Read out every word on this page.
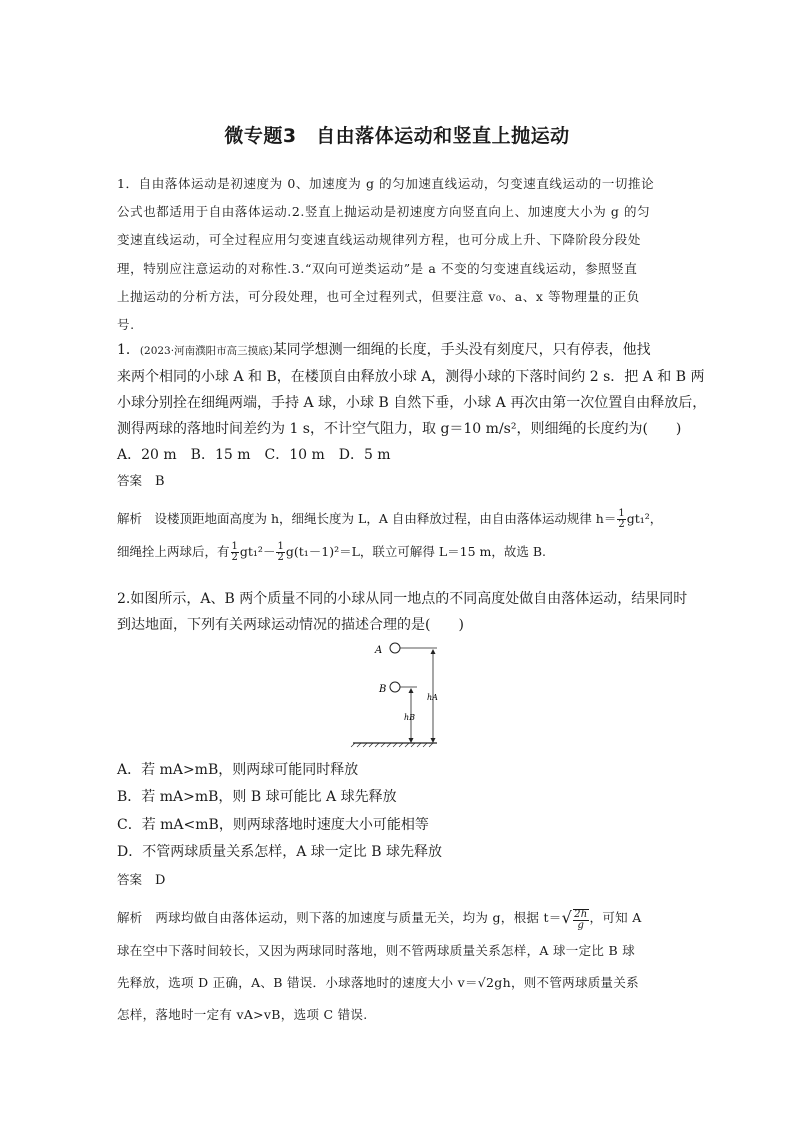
微专题3　自由落体运动和竖直上抛运动
1．自由落体运动是初速度为 0、加速度为 g 的匀加速直线运动，匀变速直线运动的一切推论
公式也都适用于自由落体运动.2.竖直上抛运动是初速度方向竖直向上、加速度大小为 g 的匀
变速直线运动，可全过程应用匀变速直线运动规律列方程，也可分成上升、下降阶段分段处
理，特别应注意运动的对称性.3.“双向可逆类运动”是 a 不变的匀变速直线运动，参照竖直
上抛运动的分析方法，可分段处理，也可全过程列式，但要注意 v₀、a、x 等物理量的正负
号.
1．(2023·河南濮阳市高三摸底)某同学想测一细绳的长度，手头没有刻度尺，只有停表，他找
来两个相同的小球 A 和 B，在楼顶自由释放小球 A，测得小球的下落时间约 2 s．把 A 和 B 两
小球分别拴在细绳两端，手持 A 球，小球 B 自然下垂，小球 A 再次由第一次位置自由释放后，
测得两球的落地时间差约为 1 s，不计空气阻力，取 g＝10 m/s²，则细绳的长度约为(　　)
A．20 m　B．15 m　C．10 m　D．5 m
答案　 B
解析　 设楼顶距地面高度为 h，细绳长度为 L，A 自由释放过程，由自由落体运动规律 $h= \frac{1}{2} gt_1^2$，
细绳拴上两球后，有 $\frac{1}{2} gt_1^2- \frac{1}{2} g(t_1-1)^2=L$，联立可解得 L＝15 m，故选 B.
2.如图所示，A、B 两个质量不同的小球从同一地点的不同高度处做自由落体运动，结果同时
到达地面，下列有关两球运动情况的描述合理的是(　　)
A
B
hA
hB
A．若 mA>mB，则两球可能同时释放
B．若 mA>mB，则 B 球可能比 A 球先释放
C．若 mA<mB，则两球落地时速度大小可能相等
D．不管两球质量关系怎样，A 球一定比 B 球先释放
答案　 D
解析　 两球均做自由落体运动，则下落的加速度与质量无关，均为 g，根据 $t=√ \frac{2h}{g}$ ，可知 A
球在空中下落时间较长，又因为两球同时落地，则不管两球质量关系怎样，A 球一定比 B 球
先释放，选项 D 正确，A、B 错误．小球落地时的速度大小 v＝√2gh，则不管两球质量关系
怎样，落地时一定有 vA>vB，选项 C 错误.
